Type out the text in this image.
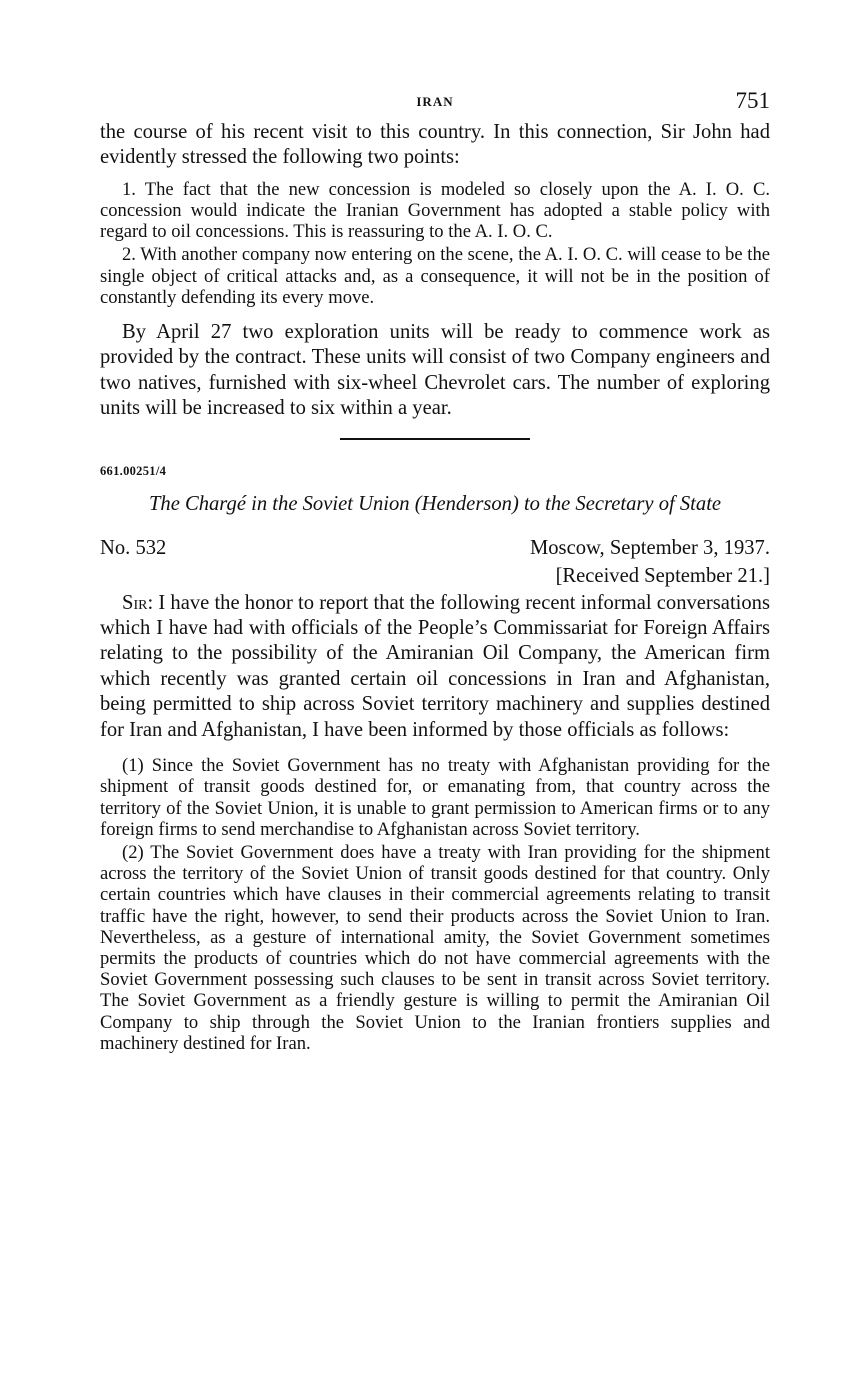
IRAN	751

the course of his recent visit to this country. In this connection, Sir John had evidently stressed the following two points:

1. The fact that the new concession is modeled so closely upon the A. I. O. C. concession would indicate the Iranian Government has adopted a stable policy with regard to oil concessions. This is reassuring to the A. I. O. C.

2. With another company now entering on the scene, the A. I. O. C. will cease to be the single object of critical attacks and, as a consequence, it will not be in the position of constantly defending its every move.

By April 27 two exploration units will be ready to commence work as provided by the contract. These units will consist of two Company engineers and two natives, furnished with six-wheel Chevrolet cars. The number of exploring units will be increased to six within a year.

661.00251/4
The Chargé in the Soviet Union (Henderson) to the Secretary of State
No. 532	Moscow, September 3, 1937.
[Received September 21.]

Sir: I have the honor to report that the following recent informal conversations which I have had with officials of the People’s Commissariat for Foreign Affairs relating to the possibility of the Amiranian Oil Company, the American firm which recently was granted certain oil concessions in Iran and Afghanistan, being permitted to ship across Soviet territory machinery and supplies destined for Iran and Afghanistan, I have been informed by those officials as follows:

(1) Since the Soviet Government has no treaty with Afghanistan providing for the shipment of transit goods destined for, or emanating from, that country across the territory of the Soviet Union, it is unable to grant permission to American firms or to any foreign firms to send merchandise to Afghanistan across Soviet territory.

(2) The Soviet Government does have a treaty with Iran providing for the shipment across the territory of the Soviet Union of transit goods destined for that country. Only certain countries which have clauses in their commercial agreements relating to transit traffic have the right, however, to send their products across the Soviet Union to Iran. Nevertheless, as a gesture of international amity, the Soviet Government sometimes permits the products of countries which do not have commercial agreements with the Soviet Government possessing such clauses to be sent in transit across Soviet territory. The Soviet Government as a friendly gesture is willing to permit the Amiranian Oil Company to ship through the Soviet Union to the Iranian frontiers supplies and machinery destined for Iran.
